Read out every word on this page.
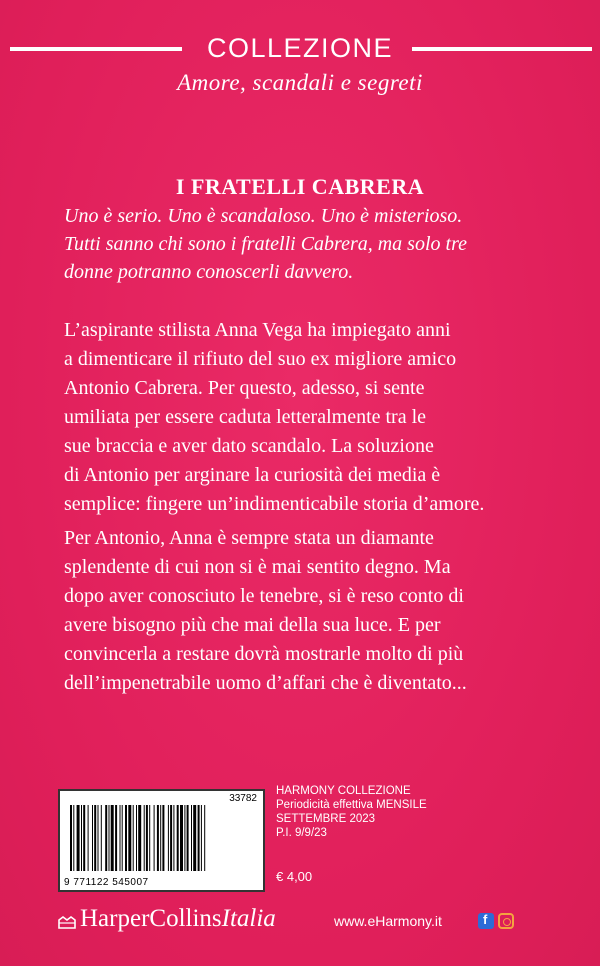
COLLEZIONE
Amore, scandali e segreti
I FRATELLI CABRERA
Uno è serio. Uno è scandaloso. Uno è misterioso.
Tutti sanno chi sono i fratelli Cabrera, ma solo tre
donne potranno conoscerli davvero.
L’aspirante stilista Anna Vega ha impiegato anni
a dimenticare il rifiuto del suo ex migliore amico
Antonio Cabrera. Per questo, adesso, si sente
umiliata per essere caduta letteralmente tra le
sue braccia e aver dato scandalo. La soluzione
di Antonio per arginare la curiosità dei media è
semplice: fingere un’indimenticabile storia d’amore.
Per Antonio, Anna è sempre stata un diamante
splendente di cui non si è mai sentito degno. Ma
dopo aver conosciuto le tenebre, si è reso conto di
avere bisogno più che mai della sua luce. E per
convincerla a restare dovrà mostrarle molto di più
dell’impenetrabile uomo d’affari che è diventato...
33782
9 771122 545007
HARMONY COLLEZIONE
Periodicità effettiva MENSILE
SETTEMBRE 2023
P.I. 9/9/23
€ 4,00
HarperCollinsItalia	www.eHarmony.it	f
